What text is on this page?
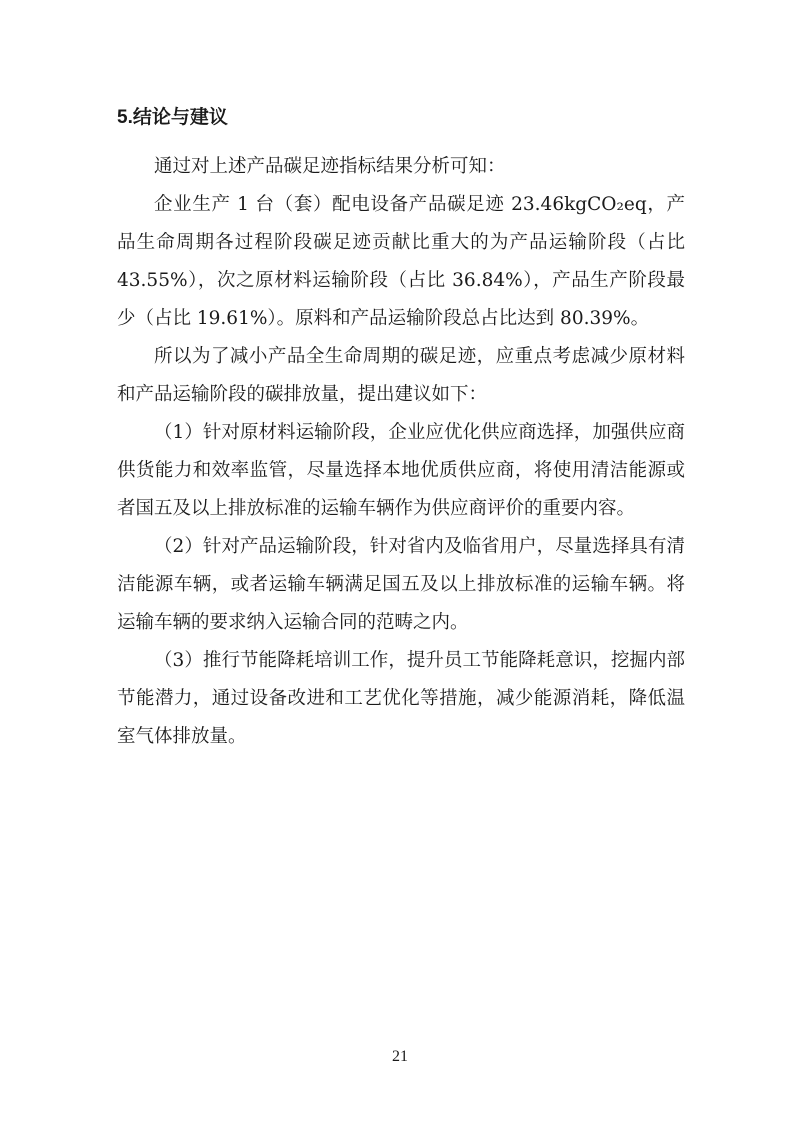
5.结论与建议

通过对上述产品碳足迹指标结果分析可知：

企业生产 1 台（套）配电设备产品碳足迹 23.46kgCO₂eq，产品生命周期各过程阶段碳足迹贡献比重大的为产品运输阶段（占比43.55%），次之原材料运输阶段（占比 36.84%），产品生产阶段最少（占比 19.61%）。原料和产品运输阶段总占比达到 80.39%。

所以为了减小产品全生命周期的碳足迹，应重点考虑减少原材料和产品运输阶段的碳排放量，提出建议如下：

（1）针对原材料运输阶段，企业应优化供应商选择，加强供应商供货能力和效率监管，尽量选择本地优质供应商，将使用清洁能源或者国五及以上排放标准的运输车辆作为供应商评价的重要内容。

（2）针对产品运输阶段，针对省内及临省用户，尽量选择具有清洁能源车辆，或者运输车辆满足国五及以上排放标准的运输车辆。将运输车辆的要求纳入运输合同的范畴之内。

（3）推行节能降耗培训工作，提升员工节能降耗意识，挖掘内部节能潜力，通过设备改进和工艺优化等措施，减少能源消耗，降低温室气体排放量。

21
